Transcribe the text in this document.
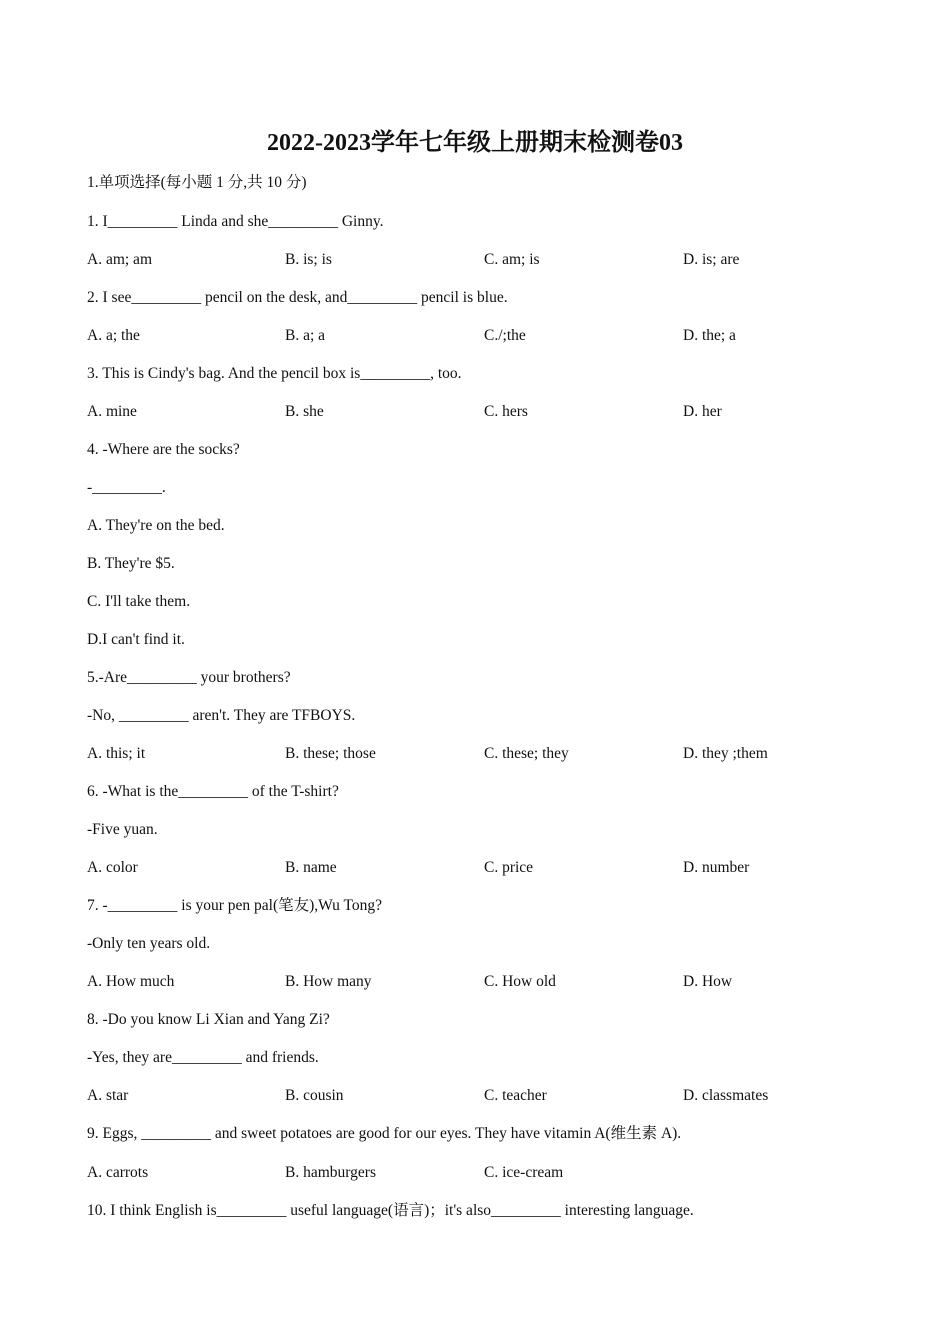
2022-2023学年七年级上册期末检测卷03
1.单项选择(每小题 1 分,共 10 分)
1. I_________ Linda and she_________ Ginny.
A. am; am	B. is; is	C. am; is	D. is; are
2. I see_________ pencil on the desk, and_________ pencil is blue.
A. a; the	B. a; a	C./;the	D. the; a
3. This is Cindy's bag. And the pencil box is_________, too.
A. mine	B. she	C. hers	D. her
4. -Where are the socks?
-_________.
A. They're on the bed.
B. They're $5.
C. I'll take them.
D.I can't find it.
5.-Are_________ your brothers?
-No, _________ aren't. They are TFBOYS.
A. this; it	B. these; those	C. these; they	D. they ;them
6. -What is the_________ of the T-shirt?
-Five yuan.
A. color	B. name	C. price	D. number
7. -_________ is your pen pal(笔友),Wu Tong?
-Only ten years old.
A. How much	B. How many	C. How old	D. How
8. -Do you know Li Xian and Yang Zi?
-Yes, they are_________ and friends.
A. star	B. cousin	C. teacher	D. classmates
9. Eggs, _________ and sweet potatoes are good for our eyes. They have vitamin A(维生素 A).
A. carrots	B. hamburgers	C. ice-cream
10. I think English is_________ useful language(语言)；it's also_________ interesting language.
